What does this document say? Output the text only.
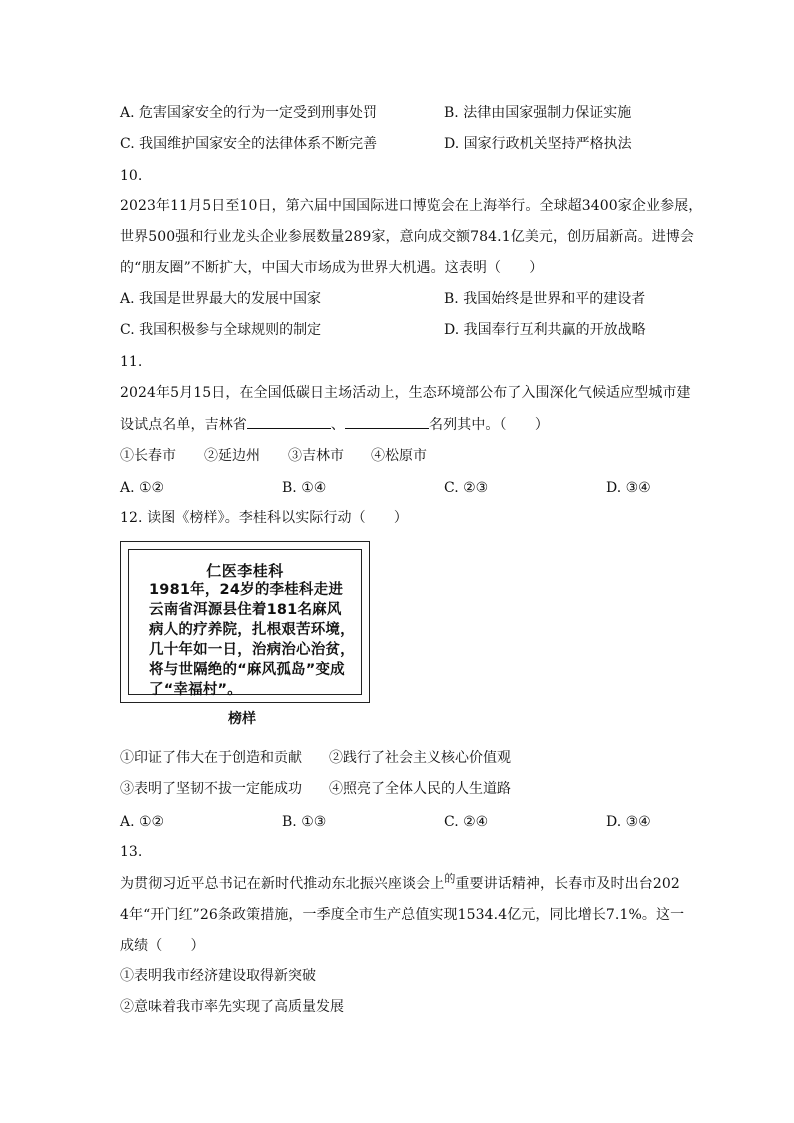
A. 危害国家安全的行为一定受到刑事处罚	B. 法律由国家强制力保证实施
C. 我国维护国家安全的法律体系不断完善	D. 国家行政机关坚持严格执法
10.
2023年11月5日至10日，第六届中国国际进口博览会在上海举行。全球超3400家企业参展，
世界500强和行业龙头企业参展数量289家，意向成交额784.1亿美元，创历届新高。进博会
的“朋友圈”不断扩大，中国大市场成为世界大机遇。这表明（　　）
A. 我国是世界最大的发展中国家	B. 我国始终是世界和平的建设者
C. 我国积极参与全球规则的制定	D. 我国奉行互利共赢的开放战略
11.
2024年5月15日，在全国低碳日主场活动上，生态环境部公布了入围深化气候适应型城市建
设试点名单，吉林省	、	名列其中。（　　）
①长春市 ②延边州 ③吉林市 ④松原市
A. ①②	B. ①④	C. ②③	D. ③④
12. 读图《榜样》。李桂科以实际行动（　　）
仁医李桂科
1981年，24岁的李桂科走进
云南省洱源县住着181名麻风
病人的疗养院，扎根艰苦环境，
几十年如一日，治病治心治贫，
将与世隔绝的“麻风孤岛”变成
了“幸福村”。
榜样
①印证了伟大在于创造和贡献 ②践行了社会主义核心价值观
③表明了坚韧不拔一定能成功 ④照亮了全体人民的人生道路
A. ①②	B. ①③	C. ②④	D. ③④
13.
为贯彻习近平总书记在新时代推动东北振兴座谈会上$^的$重要讲话精神，长春市及时出台202
4年“开门红”26条政策措施，一季度全市生产总值实现1534.4亿元，同比增长7.1%。这一
成绩（　　）
①表明我市经济建设取得新突破
②意味着我市率先实现了高质量发展
